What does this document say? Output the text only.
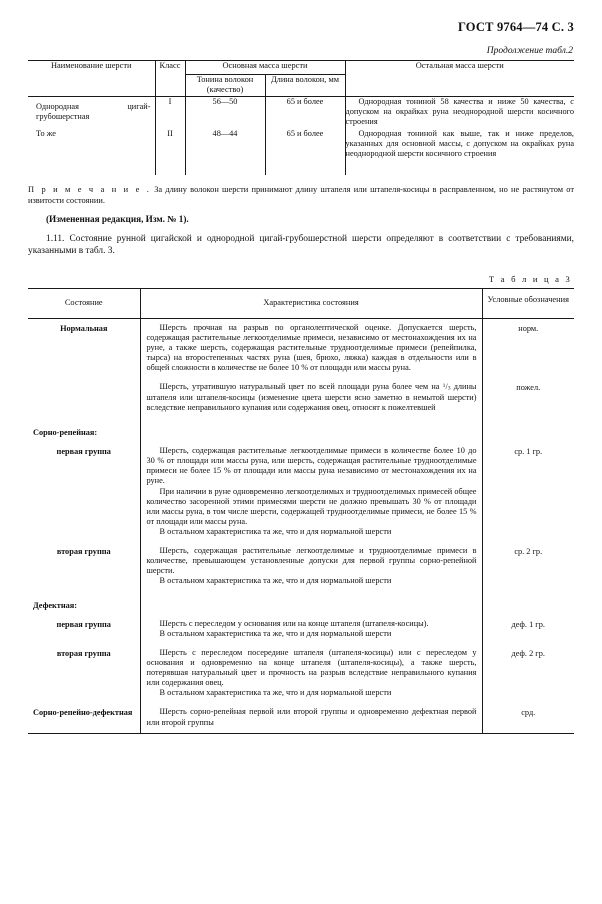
ГОСТ 9764—74 С. 3
Продолжение табл.2
Наименование шерсти	Класс	Основная масса шерсти		Остальная масса шерсти
		Тонина волокон (качество)	Длина волокон, мм	
Однородная цигай-грубошерстная	I	56—50	65 и более	Однородная тониной 58 качества и ниже 50 качества, с допуском на окрайках руна неоднородной шерсти косичного строения
То же	II	48—44	65 и более	Однородная тониной как выше, так и ниже пределов, указанных для основной массы, с допуском на окрайках руна неоднородной шерсти косичного строения
П р и м е ч а н и е . За длину волокон шерсти принимают длину штапеля или штапеля-косицы в расправленном, но не растянутом от извитости состоянии.
(Измененная редакция, Изм. № 1).
1.11. Состояние рунной цигайской и однородной цигай-грубошерстной шерсти определяют в соответствии с требованиями, указанными в табл. 3.
Т а б л и ц а 3
Состояние	Характеристика состояния	Условные обозначения
Нормальная	Шерсть прочная на разрыв по органолептической оценке. Допускается шерсть, содержащая растительные легкоотделимые примеси, независимо от местонахождения их на руне, а также шерсть, содержащая растительные трудноотделимые примеси (репейпилка, тырса) на второстепенных частях руна (шея, брюхо, ляжка) каждая в отдельности или в общей сложности в количестве не более 10 % от площади или массы руна.	норм.

	Шерсть, утратившую натуральный цвет по всей площади руна более чем на $^1/_3$ длины штапеля или штапеля-косицы (изменение цвета шерсти ясно заметно в немытой шерсти) вследствие неправильного купания или содержания овец, относят к пожелтевшей	пожел.
Сорно-репейная:		
первая группа	Шерсть, содержащая растительные легкоотделимые примеси в количестве более 10 до 30 % от площади или массы руна, или шерсть, содержащая растительные трудноотделимые примеси не более 15 % от площади или массы руна независимо от местонахождения их на руне.
При наличии в руне одновременно легкоотделимых и трудноотделимых примесей общее количество засоренной этими примесями шерсти не должно превышать 30 % от площади или массы руна, в том числе шерсти, содержащей трудноотделимые примеси, не более 15 % от площади или массы руна.
В остальном характеристика та же, что и для нормальной шерсти	ср. 1 гр.
вторая группа	Шерсть, содержащая растительные легкоотделимые и трудноотделимые примеси в количестве, превышающем установленные допуски для первой группы сорно-репейной шерсти.
В остальном характеристика та же, что и для нормальной шерсти	ср. 2 гр.
Дефектная:		
первая группа	Шерсть с переследом у основания или на конце штапеля (штапеля-косицы).
В остальном характеристика та же, что и для нормальной шерсти	деф. 1 гр.
вторая группа	Шерсть с переследом посередине штапеля (штапеля-косицы) или с переследом у основания и одновременно на конце штапеля (штапеля-косицы), а также шерсть, потерявшая натуральный цвет и прочность на разрыв вследствие неправильного купания или содержания овец.
В остальном характеристика та же, что и для нормальной шерсти	деф. 2 гр.
Сорно-репейно-дефектная	Шерсть сорно-репейная первой или второй группы и одновременно дефектная первой или второй группы	срд.
